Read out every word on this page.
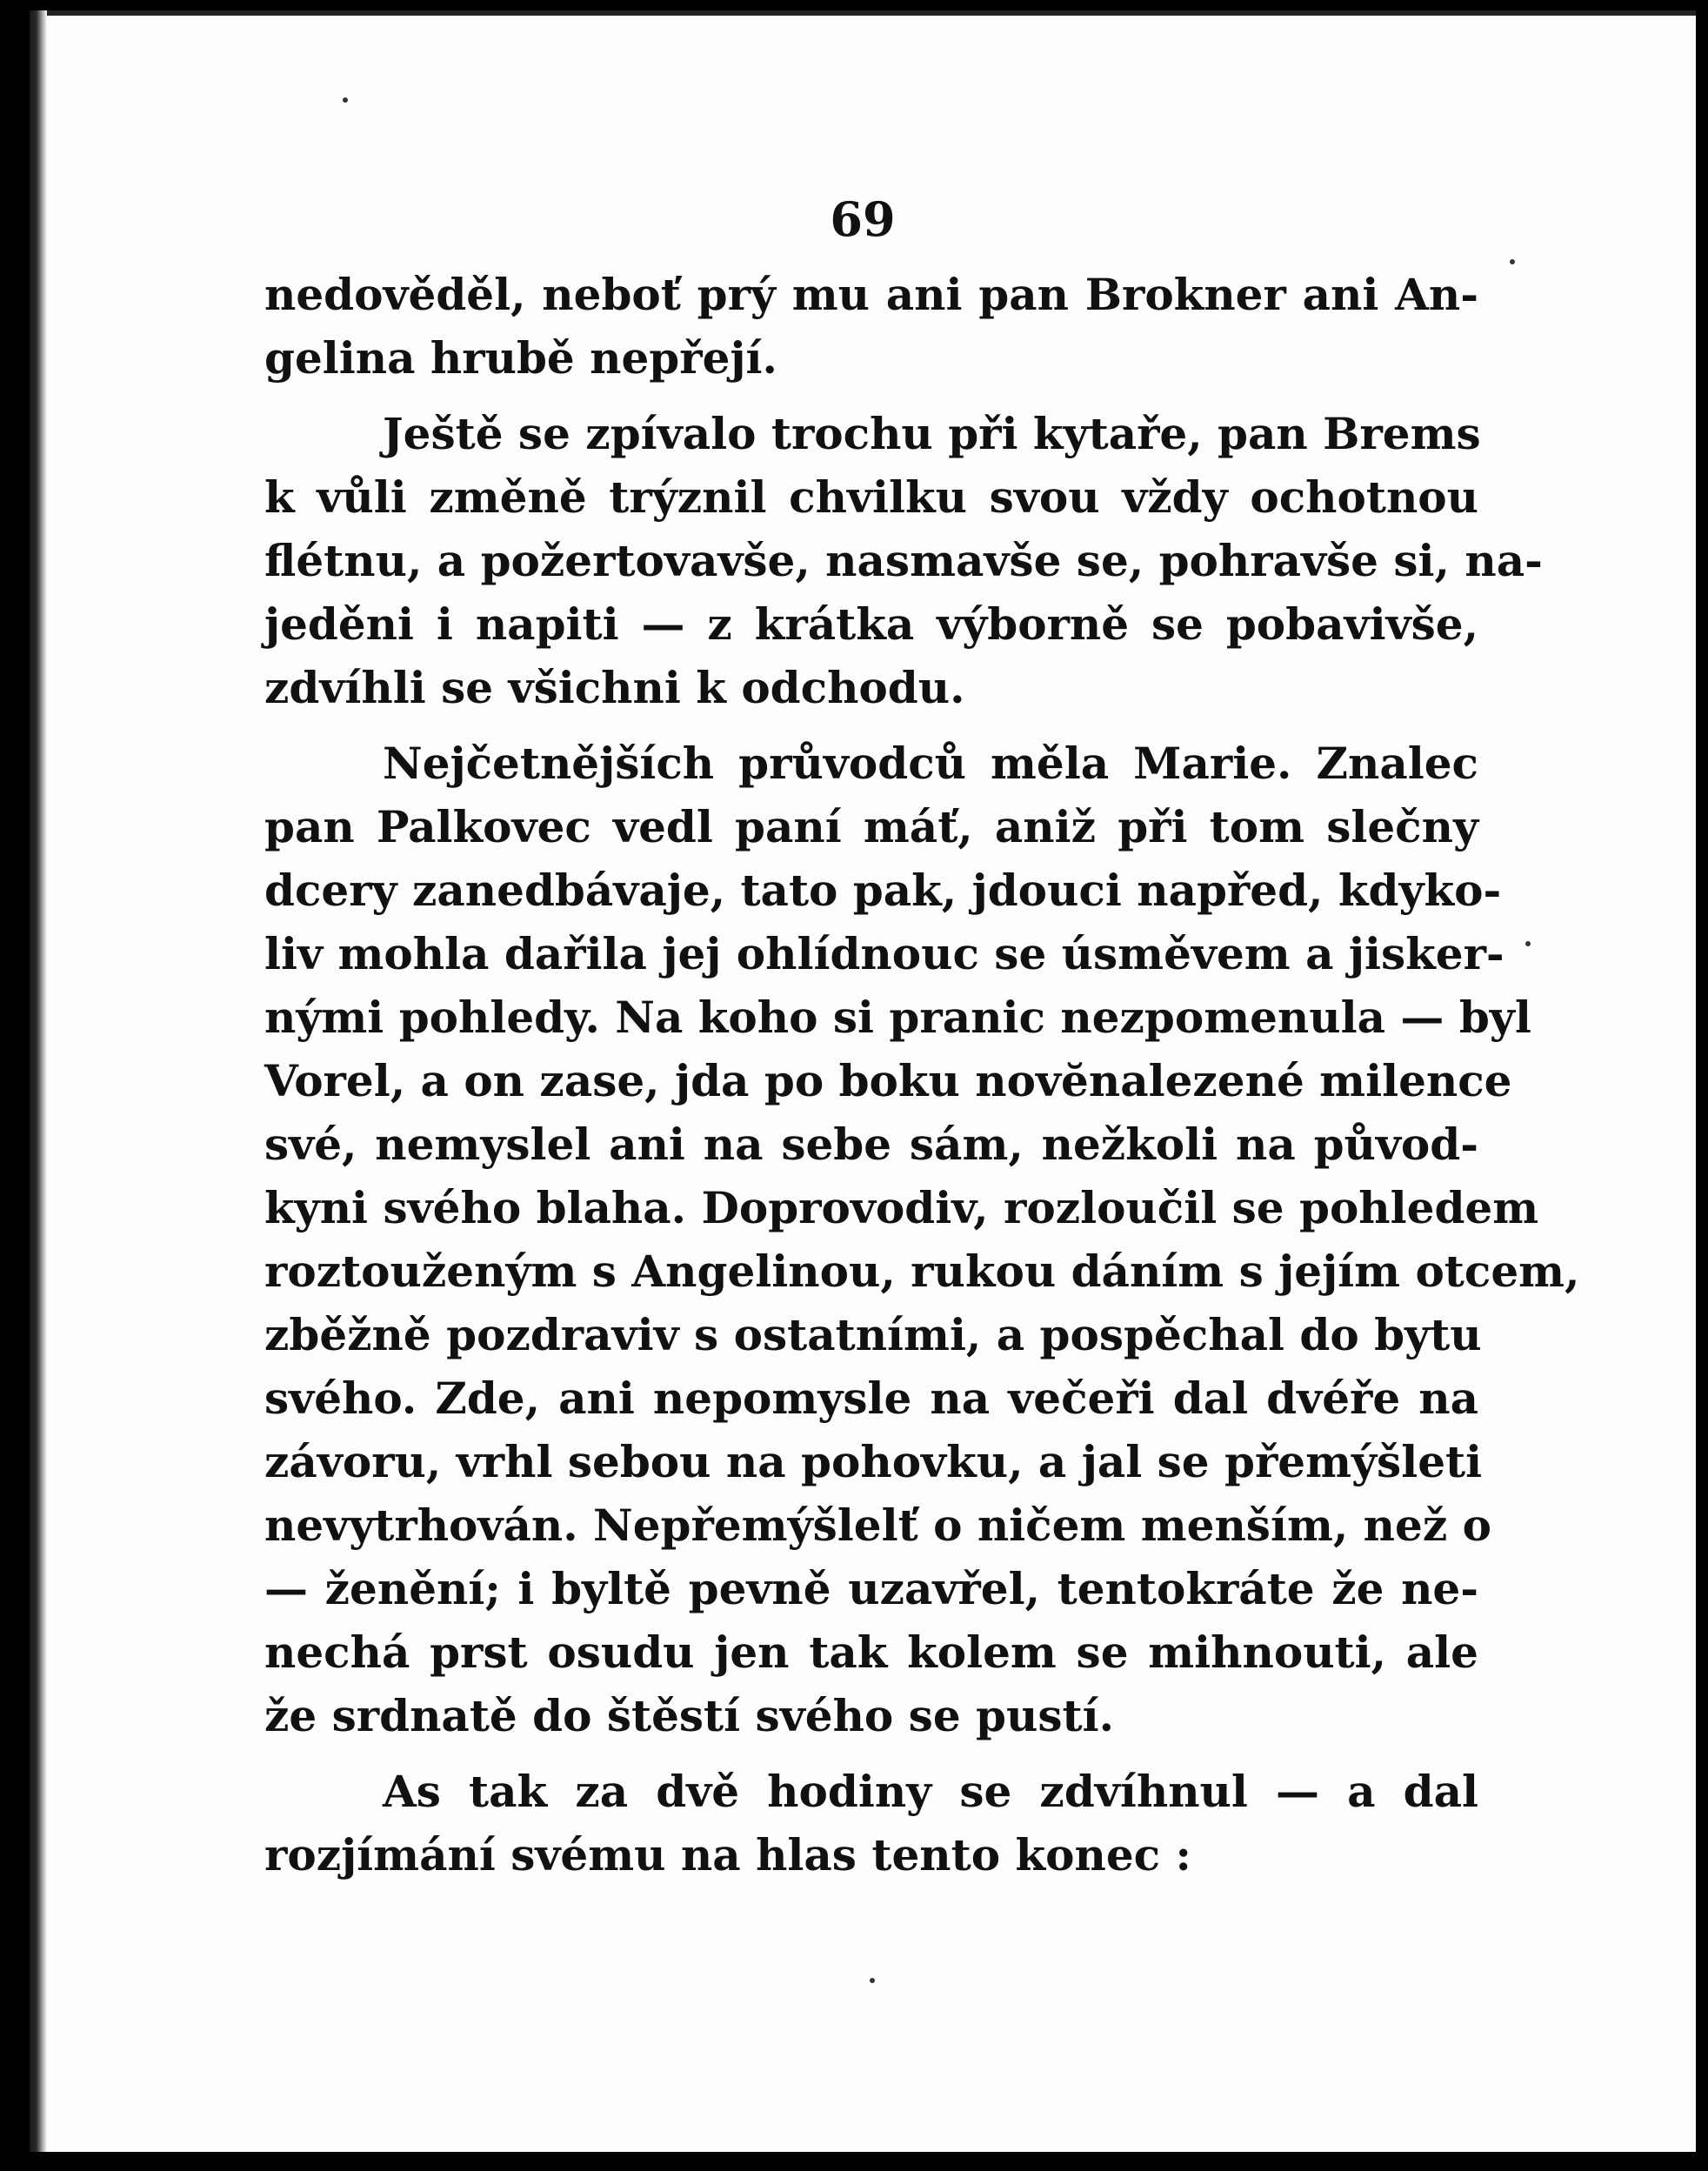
69

nedověděl, neboť prý mu ani pan Brokner ani An-
gelina hrubě nepřejí.

Ještě se zpívalo trochu při kytaře, pan Brems
k vůli změně trýznil chvilku svou vždy ochotnou
flétnu, a požertovavše, nasmavše se, pohravše si, na-
jeděni i napiti — z krátka výborně se pobavivše,
zdvíhli se všichni k odchodu.

Nejčetnějších průvodců měla Marie. Znalec
pan Palkovec vedl paní máť, aniž při tom slečny
dcery zanedbávaje, tato pak, jdouci napřed, kdyko-
liv mohla dařila jej ohlídnouc se úsměvem a jisker-
nými pohledy. Na koho si pranic nezpomenula — byl
Vorel, a on zase, jda po boku novĕnalezené milence
své, nemyslel ani na sebe sám, nežkoli na původ-
kyni svého blaha. Doprovodiv, rozloučil se pohledem
roztouženým s Angelinou, rukou dáním s jejím otcem,
zběžně pozdraviv s ostatními, a pospěchal do bytu
svého. Zde, ani nepomysle na večeři dal dvéře na
závoru, vrhl sebou na pohovku, a jal se přemýšleti
nevytrhován. Nepřemýšlelť o ničem menším, než o
— ženění; i byltě pevně uzavřel, tentokráte že ne-
nechá prst osudu jen tak kolem se mihnouti, ale
že srdnatě do štěstí svého se pustí.

As tak za dvě hodiny se zdvíhnul — a dal
rozjímání svému na hlas tento konec :
